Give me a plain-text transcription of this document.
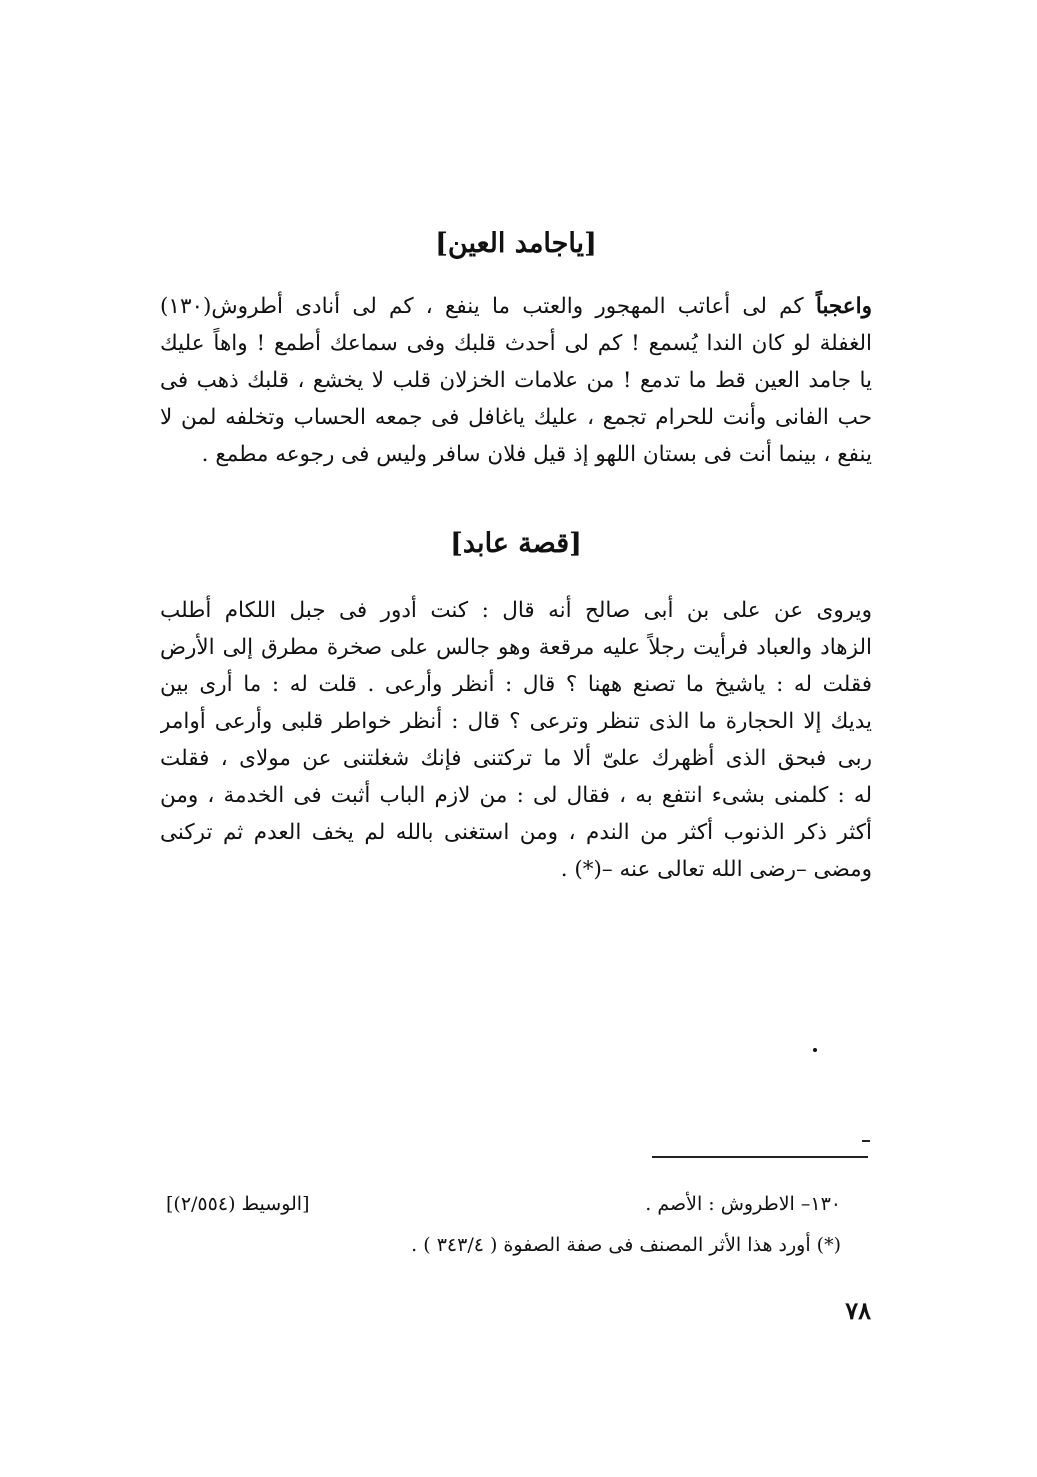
[ياجامد العين]
واعجباً كم لى أعاتب المهجور والعتب ما ينفع ، كم لى أنادى أطروش(١٣٠)
الغفلة لو كان الندا يُسمع ! كم لى أحدث قلبك وفى سماعك أطمع ! واهاً عليك
يا جامد العين قط ما تدمع ! من علامات الخزلان قلب لا يخشع ، قلبك ذهب فى
حب الفانى وأنت للحرام تجمع ، عليك ياغافل فى جمعه الحساب وتخلفه لمن لا
ينفع ، بينما أنت فى بستان اللهو إذ قيل فلان سافر وليس فى رجوعه مطمع .
[قصة عابد]
ويروى عن على بن أبى صالح أنه قال : كنت أدور فى جبل اللكام أطلب
الزهاد والعباد فرأيت رجلاً عليه مرقعة وهو جالس على صخرة مطرق إلى الأرض
فقلت له : ياشيخ ما تصنع ههنا ؟ قال : أنظر وأرعى . قلت له : ما أرى بين
يديك إلا الحجارة ما الذى تنظر وترعى ؟ قال : أنظر خواطر قلبى وأرعى أوامر
ربى فبحق الذى أظهرك علىّ ألا ما تركتنى فإنك شغلتنى عن مولاى ، فقلت
له : كلمنى بشىء انتفع به ، فقال لى : من لازم الباب أثبت فى الخدمة ، ومن
أكثر ذكر الذنوب أكثر من الندم ، ومن استغنى بالله لم يخف العدم ثم تركنى
ومضى –رضى الله تعالى عنه –(*) .
١٣٠– الاطروش : الأصم .
[الوسيط (٢/٥٥٤)]
(*) أورد هذا الأثر المصنف فى صفة الصفوة ( ٣٤٣/٤ ) .
٧٨
